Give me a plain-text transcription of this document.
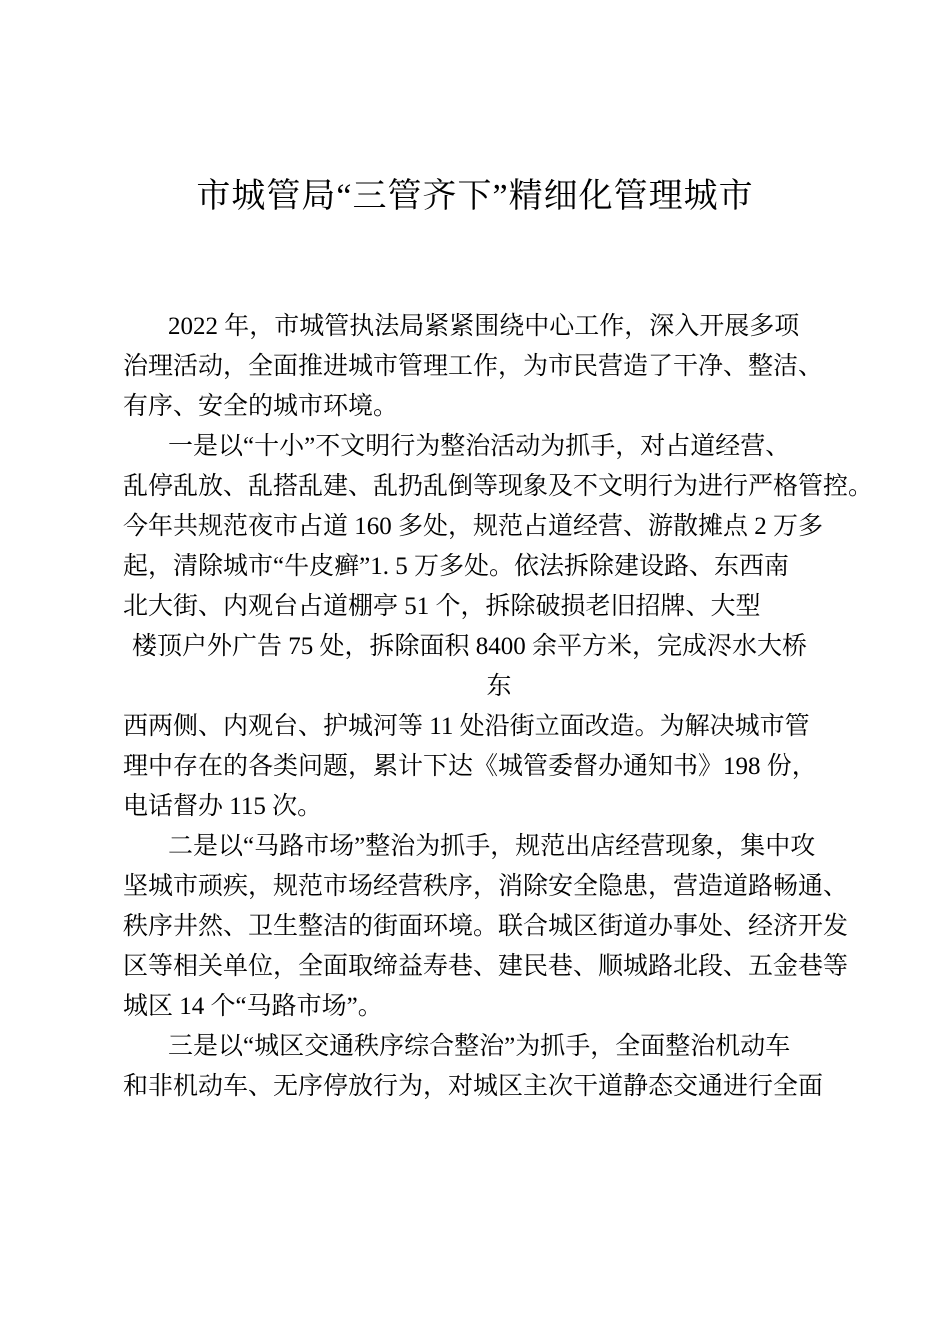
市城管局“三管齐下”精细化管理城市
2022 年，市城管执法局紧紧围绕中心工作，深入开展多项
治理活动，全面推进城市管理工作，为市民营造了干净、整洁、
有序、安全的城市环境。
一是以“十小”不文明行为整治活动为抓手，对占道经营、
乱停乱放、乱搭乱建、乱扔乱倒等现象及不文明行为进行严格管控。
今年共规范夜市占道 160 多处，规范占道经营、游散摊点 2 万多
起，清除城市“牛皮癣”1. 5 万多处。依法拆除建设路、东西南
北大街、内观台占道棚亭 51 个，拆除破损老旧招牌、大型
楼顶户外广告 75 处，拆除面积 8400 余平方米，完成浕水大桥
东
西两侧、内观台、护城河等 11 处沿街立面改造。为解决城市管
理中存在的各类问题，累计下达《城管委督办通知书》198 份，
电话督办 115 次。
二是以“马路市场”整治为抓手，规范出店经营现象，集中攻
坚城市顽疾，规范市场经营秩序，消除安全隐患，营造道路畅通、
秩序井然、卫生整洁的街面环境。联合城区街道办事处、经济开发
区等相关单位，全面取缔益寿巷、建民巷、顺城路北段、五金巷等
城区 14 个“马路市场”。
三是以“城区交通秩序综合整治”为抓手，全面整治机动车
和非机动车、无序停放行为，对城区主次干道静态交通进行全面
